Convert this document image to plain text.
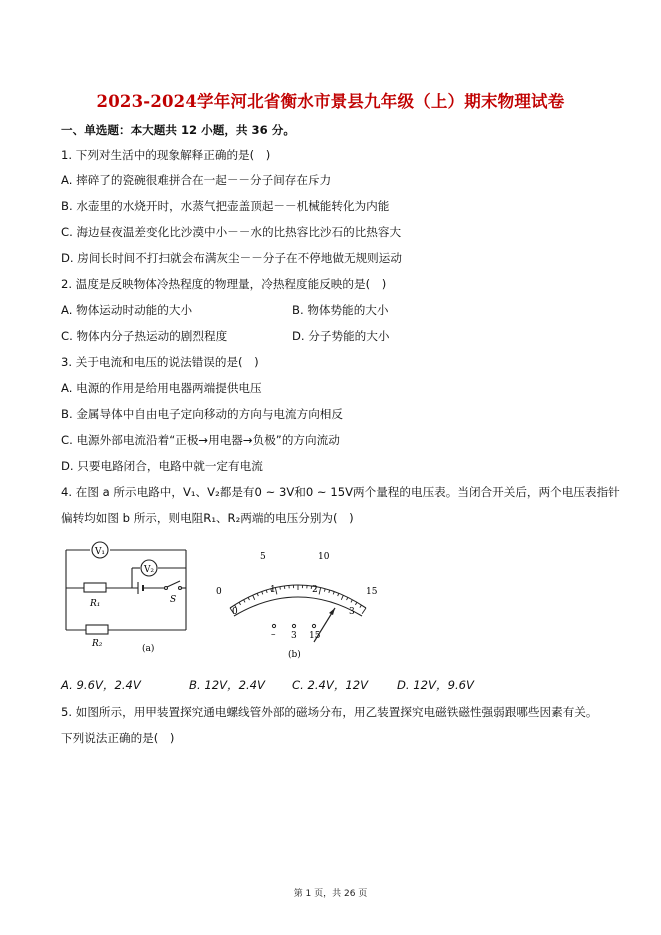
2023-2024学年河北省衡水市景县九年级（上）期末物理试卷
一、单选题：本大题共 12 小题，共 36 分。
1. 下列对生活中的现象解释正确的是(　)
A. 摔碎了的瓷碗很难拼合在一起－－分子间存在斥力
B. 水壶里的水烧开时，水蒸气把壶盖顶起－－机械能转化为内能
C. 海边昼夜温差变化比沙漠中小－－水的比热容比沙石的比热容大
D. 房间长时间不打扫就会布满灰尘－－分子在不停地做无规则运动
2. 温度是反映物体冷热程度的物理量，冷热程度能反映的是(　)
A. 物体运动时动能的大小	B. 物体势能的大小
C. 物体内分子热运动的剧烈程度	D. 分子势能的大小
3. 关于电流和电压的说法错误的是(　)
A. 电源的作用是给用电器两端提供电压
B. 金属导体中自由电子定向移动的方向与电流方向相反
C. 电源外部电流沿着“正极→用电器→负极”的方向流动
D. 只要电路闭合，电路中就一定有电流
4. 在图 a 所示电路中，V₁、V₂都是有0 ~ 3V和0 ~ 15V两个量程的电压表。当闭合开关后，两个电压表指针
偏转均如图 b 所示，则电阻R₁、R₂两端的电压分别为(　)
V₁
V₂
R₁	S
R₂	(a)
0
5	10
15
0
1	2
3
– 3 15
(b)
A. 9.6V，2.4V	B. 12V，2.4V C. 2.4V，12V D. 12V，9.6V
5. 如图所示，用甲装置探究通电螺线管外部的磁场分布，用乙装置探究电磁铁磁性强弱跟哪些因素有关。
下列说法正确的是(　)
第 1 页，共 26 页
